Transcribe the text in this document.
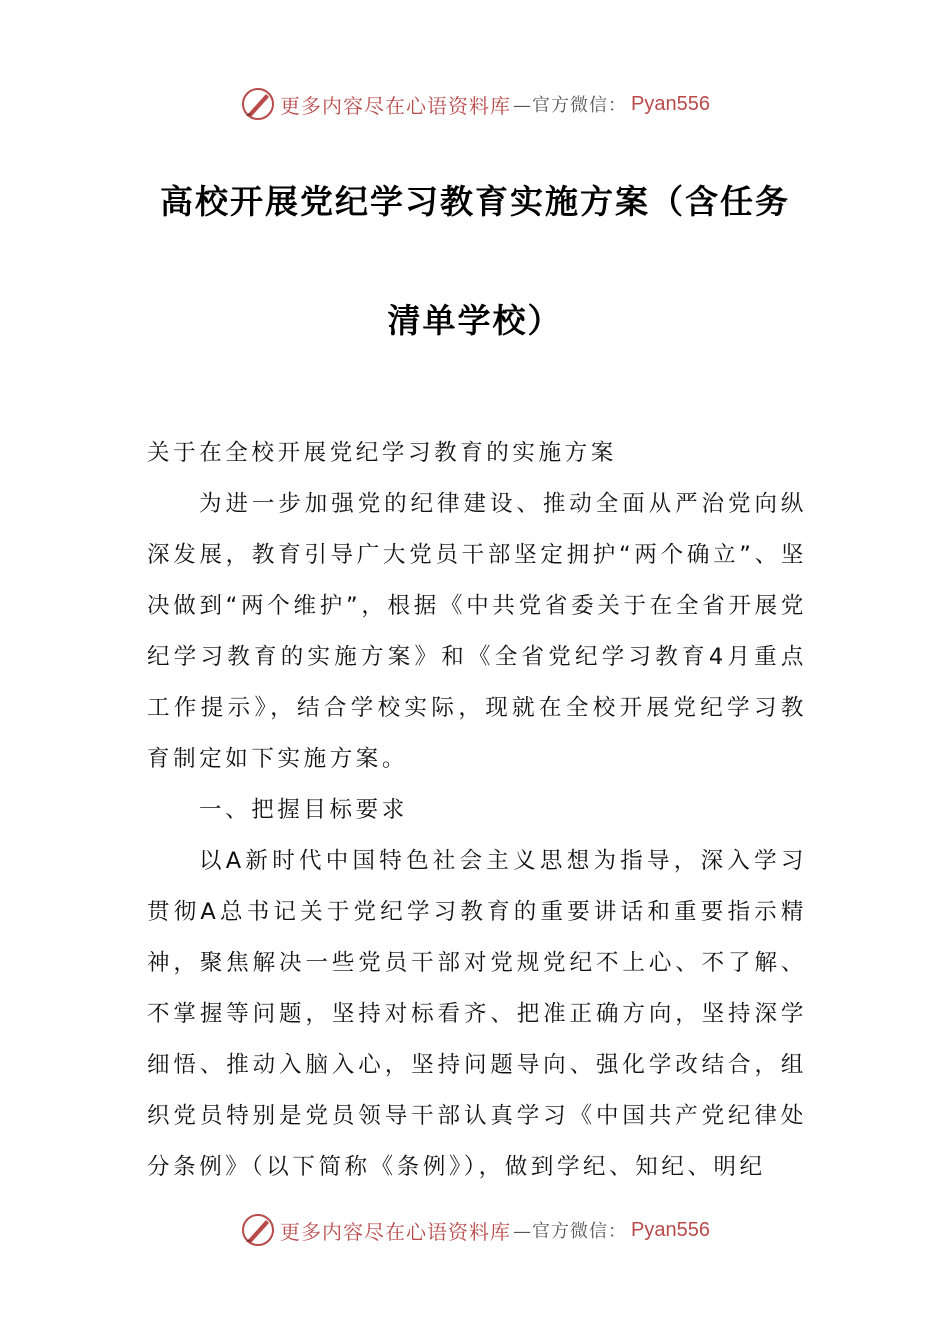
更多内容尽在心语资料库 —官方微信： Pyan556
高校开展党纪学习教育实施方案（含任务
清单学校）

关于在全校开展党纪学习教育的实施方案

为进一步加强党的纪律建设、推动全面从严治党向纵深发展，教育引导广大党员干部坚定拥护“两个确立”、坚决做到“两个维护”，根据《中共党省委关于在全省开展党纪学习教育的实施方案》和《全省党纪学习教育4月重点工作提示》，结合学校实际，现就在全校开展党纪学习教育制定如下实施方案。

一、把握目标要求

以A新时代中国特色社会主义思想为指导，深入学习贯彻A总书记关于党纪学习教育的重要讲话和重要指示精神，聚焦解决一些党员干部对党规党纪不上心、不了解、不掌握等问题，坚持对标看齐、把准正确方向，坚持深学细悟、推动入脑入心，坚持问题导向、强化学改结合，组织党员特别是党员领导干部认真学习《中国共产党纪律处分条例》（以下简称《条例》），做到学纪、知纪、明纪

更多内容尽在心语资料库 —官方微信： Pyan556
